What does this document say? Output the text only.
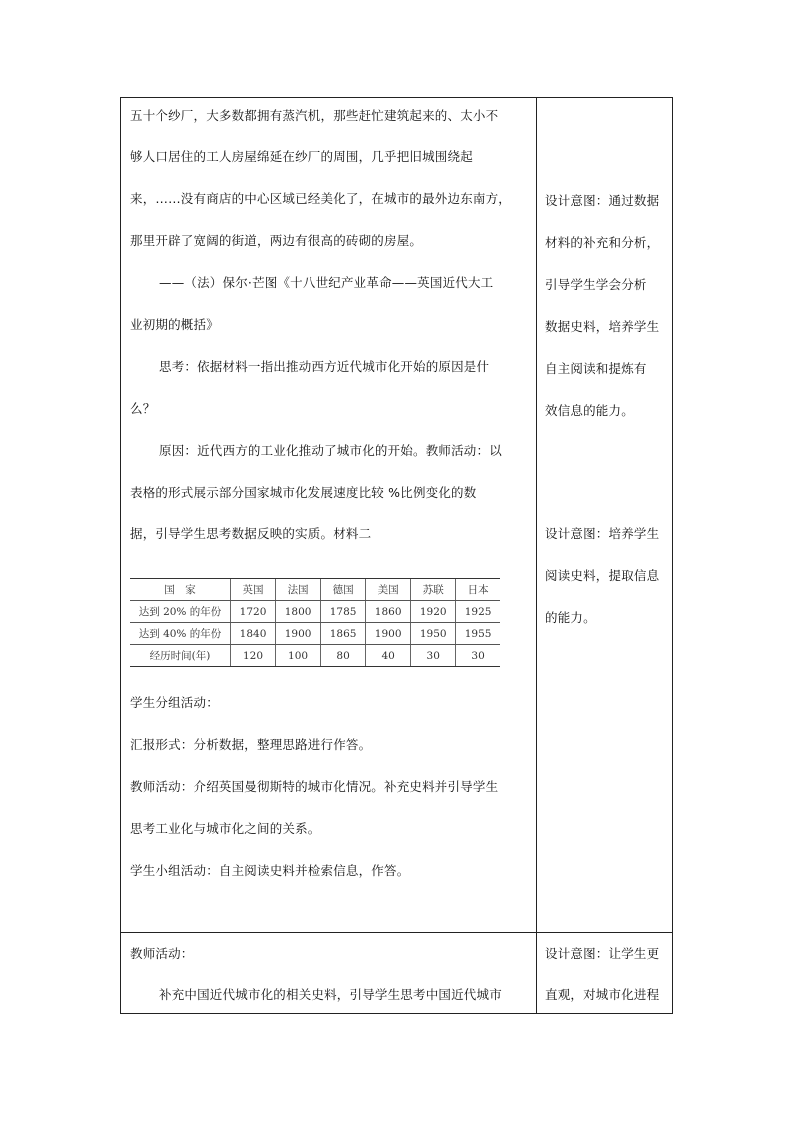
五十个纱厂，大多数都拥有蒸汽机，那些赶忙建筑起来的、太小不
够人口居住的工人房屋绵延在纱厂的周围，几乎把旧城围绕起
来，……没有商店的中心区域已经美化了，在城市的最外边东南方，
那里开辟了宽阔的街道，两边有很高的砖砌的房屋。
——（法）保尔·芒图《十八世纪产业革命——英国近代大工
业初期的概括》
思考：依据材料一指出推动西方近代城市化开始的原因是什
么？
原因：近代西方的工业化推动了城市化的开始。教师活动：以
表格的形式展示部分国家城市化发展速度比较 %比例变化的数
据，引导学生思考数据反映的实质。材料二
国　家	英国	法国	德国	美国	苏联	日本
达到 20% 的年份	1720	1800	1785	1860	1920	1925
达到 40% 的年份	1840	1900	1865	1900	1950	1955
经历时间(年)	120	100	80	40	30	30
学生分组活动：
汇报形式：分析数据，整理思路进行作答。
教师活动：介绍英国曼彻斯特的城市化情况。补充史料并引导学生
思考工业化与城市化之间的关系。
学生小组活动：自主阅读史料并检索信息，作答。
设计意图：通过数据
材料的补充和分析，
引导学生学会分析
数据史料，培养学生
自主阅读和提炼有
效信息的能力。
设计意图：培养学生
阅读史料，提取信息
的能力。
教师活动：
补充中国近代城市化的相关史料，引导学生思考中国近代城市
设计意图：让学生更
直观，对城市化进程
